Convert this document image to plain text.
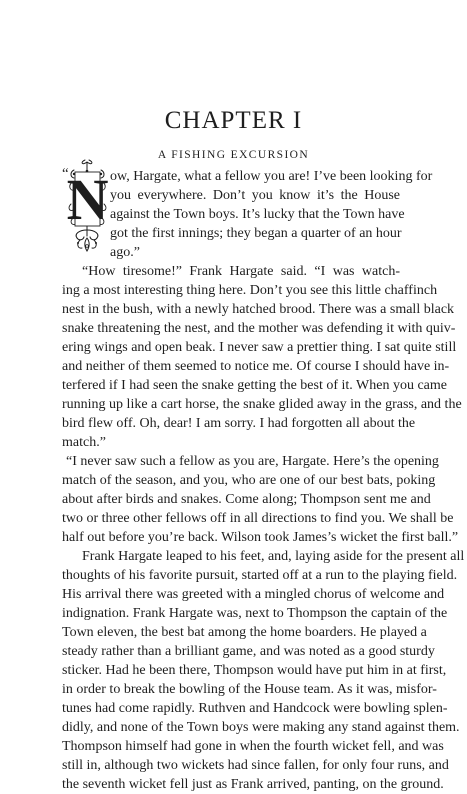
CHAPTER I
A FISHING EXCURSION
“
N ow, Hargate, what a fellow you are! I’ve been looking for
you everywhere. Don’t you know it’s the House
against the Town boys. It’s lucky that the Town have
got the first innings; they began a quarter of an hour
ago.”
“How tiresome!” Frank Hargate said. “I was watch-
ing a most interesting thing here. Don’t you see this little chaffinch
nest in the bush, with a newly hatched brood. There was a small black
snake threatening the nest, and the mother was defending it with quiv-
ering wings and open beak. I never saw a prettier thing. I sat quite still
and neither of them seemed to notice me. Of course I should have in-
terfered if I had seen the snake getting the best of it. When you came
running up like a cart horse, the snake glided away in the grass, and the
bird flew off. Oh, dear! I am sorry. I had forgotten all about the
match.”
“I never saw such a fellow as you are, Hargate. Here’s the opening
match of the season, and you, who are one of our best bats, poking
about after birds and snakes. Come along; Thompson sent me and
two or three other fellows off in all directions to find you. We shall be
half out before you’re back. Wilson took James’s wicket the first ball.”
Frank Hargate leaped to his feet, and, laying aside for the present all
thoughts of his favorite pursuit, started off at a run to the playing field.
His arrival there was greeted with a mingled chorus of welcome and
indignation. Frank Hargate was, next to Thompson the captain of the
Town eleven, the best bat among the home boarders. He played a
steady rather than a brilliant game, and was noted as a good sturdy
sticker. Had he been there, Thompson would have put him in at first,
in order to break the bowling of the House team. As it was, misfor-
tunes had come rapidly. Ruthven and Handcock were bowling splen-
didly, and none of the Town boys were making any stand against them.
Thompson himself had gone in when the fourth wicket fell, and was
still in, although two wickets had since fallen, for only four runs, and
the seventh wicket fell just as Frank arrived, panting, on the ground.
